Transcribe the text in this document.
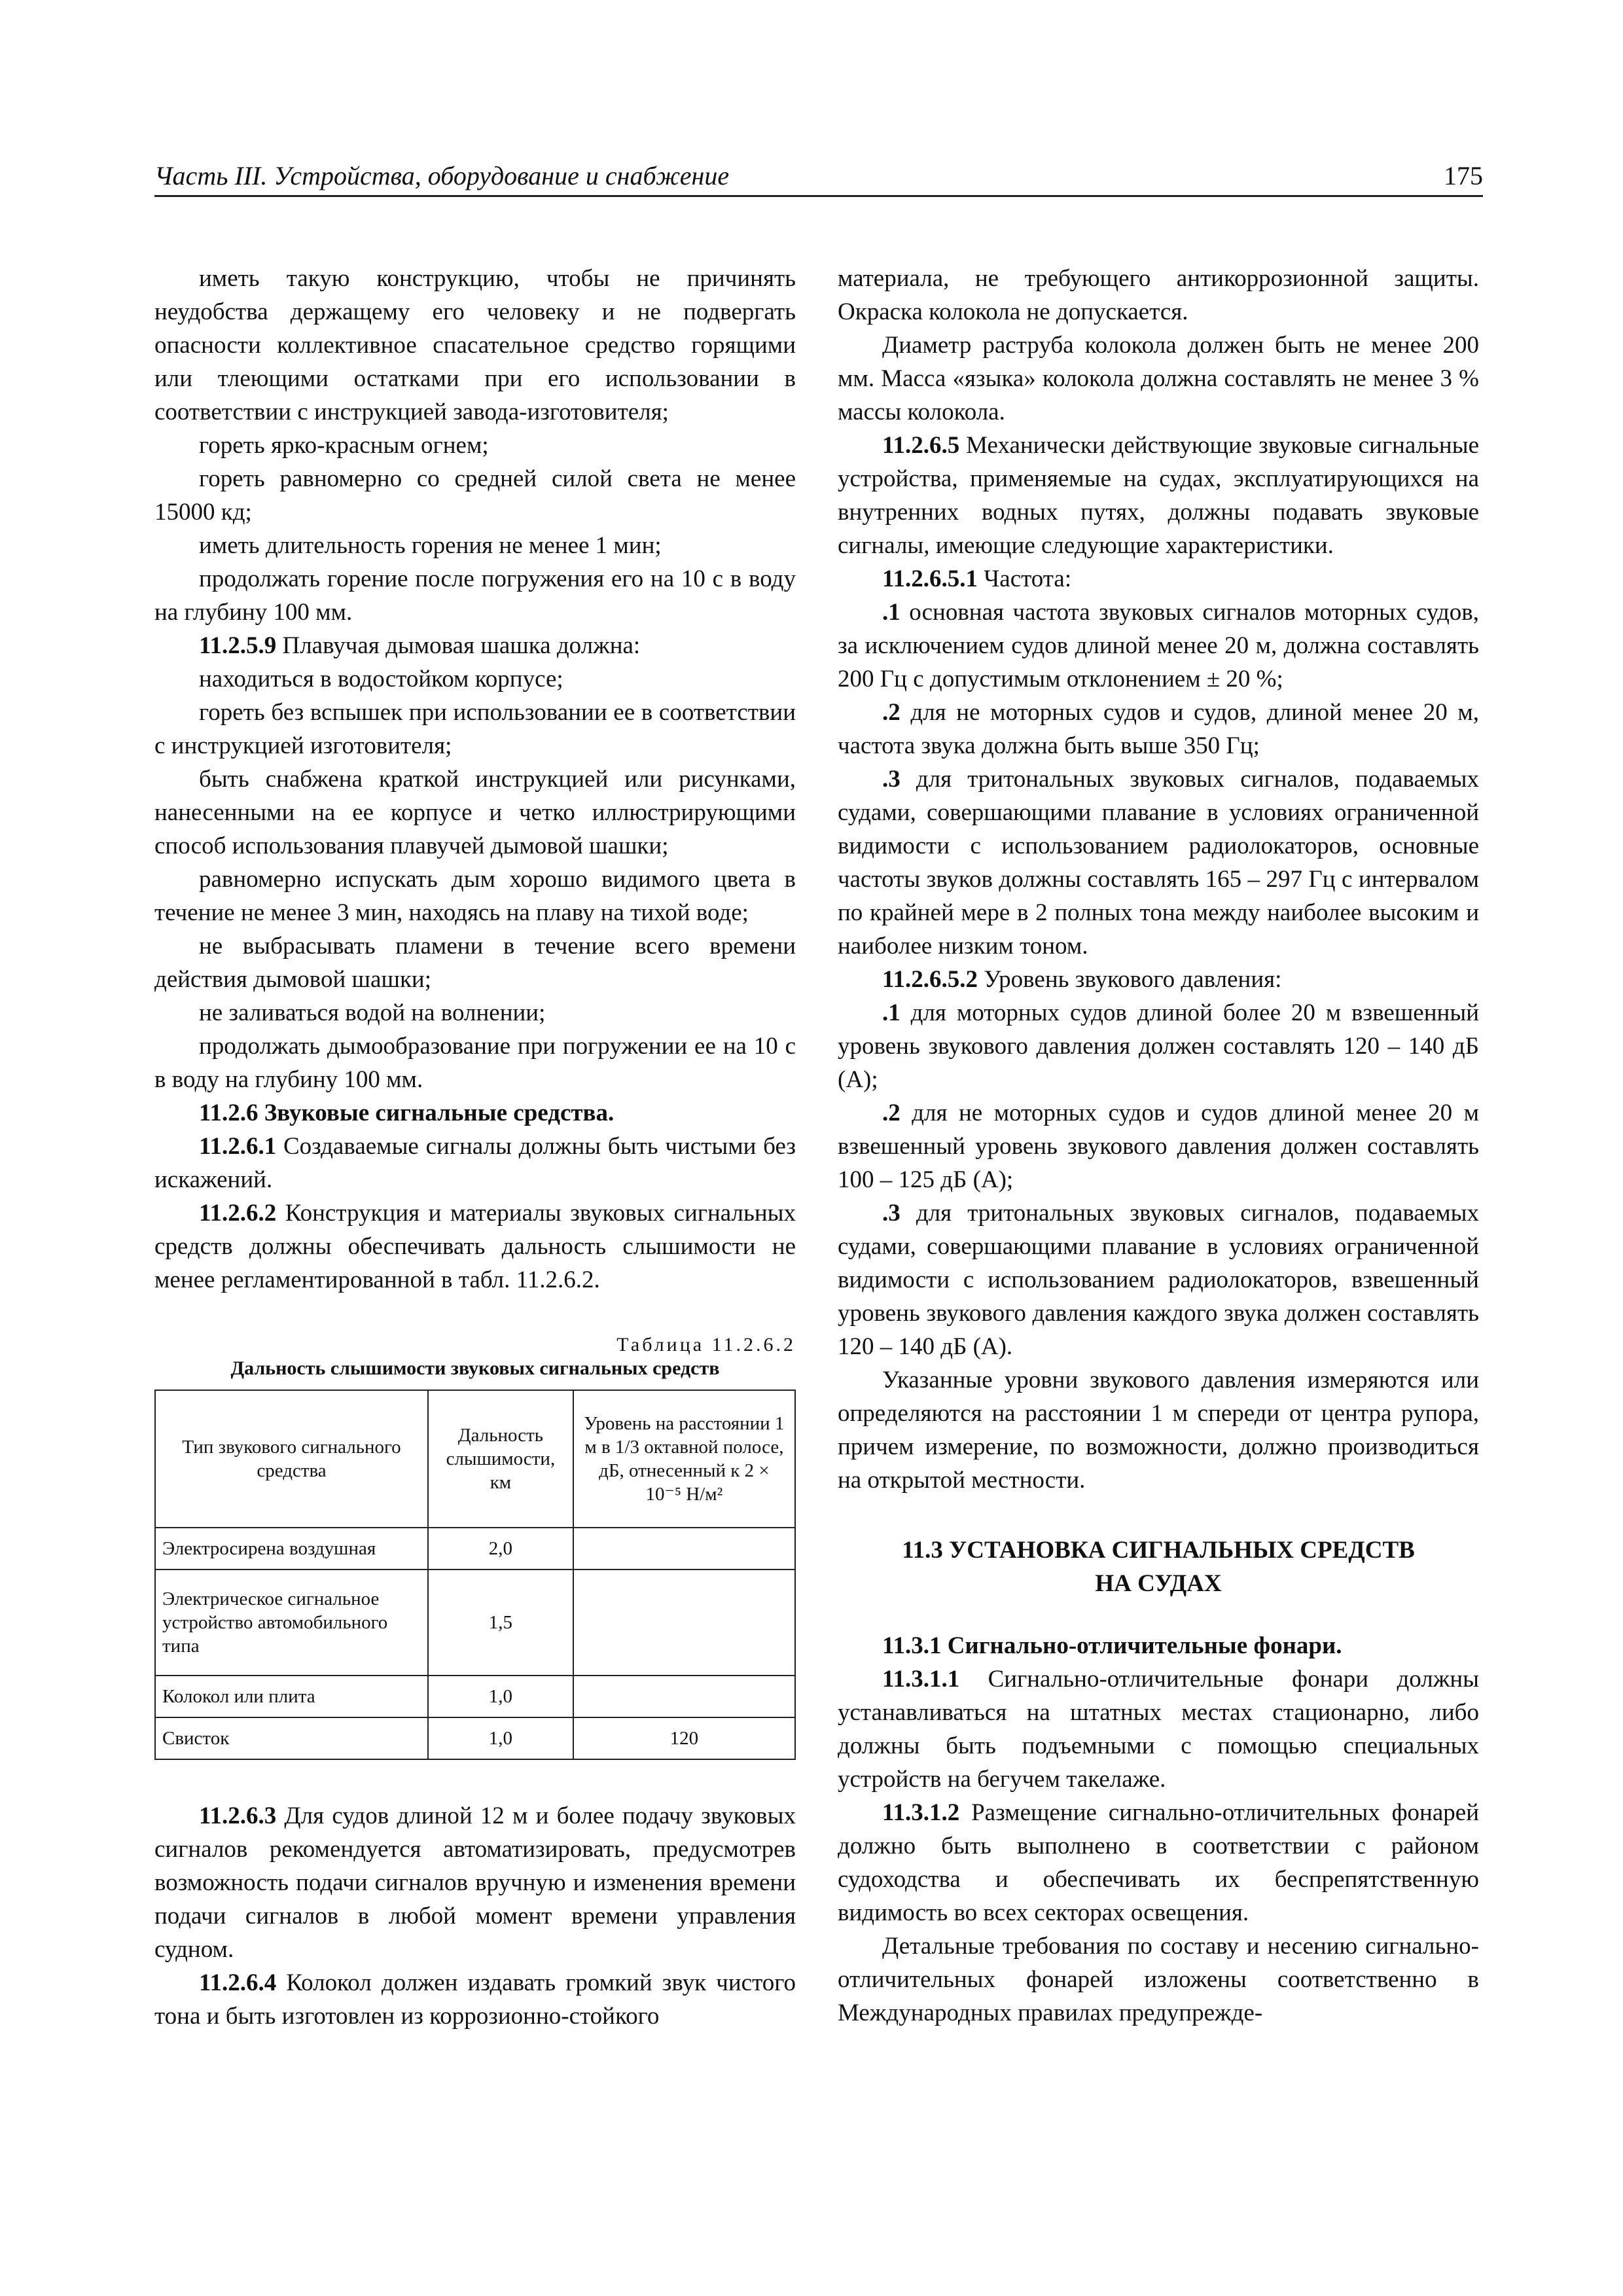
Часть III. Устройства, оборудование и снабжение	175

иметь такую конструкцию, чтобы не причинять неудобства держащему его человеку и не подвергать опасности коллективное спасательное средство горящими или тлеющими остатками при его использовании в соответствии с инструкцией завода-изготовителя;

гореть ярко-красным огнем;

гореть равномерно со средней силой света не менее 15000 кд;

иметь длительность горения не менее 1 мин;

продолжать горение после погружения его на 10 с в воду на глубину 100 мм.

11.2.5.9 Плавучая дымовая шашка должна:

находиться в водостойком корпусе;

гореть без вспышек при использовании ее в соответствии с инструкцией изготовителя;

быть снабжена краткой инструкцией или рисунками, нанесенными на ее корпусе и четко иллюстрирующими способ использования плавучей дымовой шашки;

равномерно испускать дым хорошо видимого цвета в течение не менее 3 мин, находясь на плаву на тихой воде;

не выбрасывать пламени в течение всего времени действия дымовой шашки;

не заливаться водой на волнении;

продолжать дымообразование при погружении ее на 10 с в воду на глубину 100 мм.

11.2.6 Звуковые сигнальные средства.

11.2.6.1 Создаваемые сигналы должны быть чистыми без искажений.

11.2.6.2 Конструкция и материалы звуковых сигнальных средств должны обеспечивать дальность слышимости не менее регламентированной в табл. 11.2.6.2.

Таблица 11.2.6.2
Дальность слышимости звуковых сигнальных средств
Тип звукового сигнального средства	Дальность слышимости, км	Уровень на расстоянии 1 м в 1/3 октавной полосе, дБ, отнесенный к 2 × 10⁻⁵ Н/м²
Электросирена воздушная	2,0	
Электрическое сигнальное устройство автомобильного типа	1,5	
Колокол или плита	1,0	
Свисток	1,0	120

11.2.6.3 Для судов длиной 12 м и более подачу звуковых сигналов рекомендуется автоматизировать, предусмотрев возможность подачи сигналов вручную и изменения времени подачи сигналов в любой момент времени управления судном.

11.2.6.4 Колокол должен издавать громкий звук чистого тона и быть изготовлен из коррозионно-стойкого

материала, не требующего антикоррозионной защиты. Окраска колокола не допускается.

Диаметр раструба колокола должен быть не менее 200 мм. Масса «языка» колокола должна составлять не менее 3 % массы колокола.

11.2.6.5 Механически действующие звуковые сигнальные устройства, применяемые на судах, эксплуатирующихся на внутренних водных путях, должны подавать звуковые сигналы, имеющие следующие характеристики.

11.2.6.5.1 Частота:

.1 основная частота звуковых сигналов моторных судов, за исключением судов длиной менее 20 м, должна составлять 200 Гц с допустимым отклонением ± 20 %;

.2 для не моторных судов и судов, длиной менее 20 м, частота звука должна быть выше 350 Гц;

.3 для тритональных звуковых сигналов, подаваемых судами, совершающими плавание в условиях ограниченной видимости с использованием радиолокаторов, основные частоты звуков должны составлять 165 – 297 Гц с интервалом по крайней мере в 2 полных тона между наиболее высоким и наиболее низким тоном.

11.2.6.5.2 Уровень звукового давления:

.1 для моторных судов длиной более 20 м взвешенный уровень звукового давления должен составлять 120 – 140 дБ (А);

.2 для не моторных судов и судов длиной менее 20 м взвешенный уровень звукового давления должен составлять 100 – 125 дБ (А);

.3 для тритональных звуковых сигналов, подаваемых судами, совершающими плавание в условиях ограниченной видимости с использованием радиолокаторов, взвешенный уровень звукового давления каждого звука должен составлять 120 – 140 дБ (А).

Указанные уровни звукового давления измеряются или определяются на расстоянии 1 м спереди от центра рупора, причем измерение, по возможности, должно производиться на открытой местности.

11.3 УСТАНОВКА СИГНАЛЬНЫХ СРЕДСТВ
НА СУДАХ

11.3.1 Сигнально-отличительные фонари.

11.3.1.1 Сигнально-отличительные фонари должны устанавливаться на штатных местах стационарно, либо должны быть подъемными с помощью специальных устройств на бегучем такелаже.

11.3.1.2 Размещение сигнально-отличительных фонарей должно быть выполнено в соответствии с районом судоходства и обеспечивать их беспрепятственную видимость во всех секторах освещения.

Детальные требования по составу и несению сигнально-отличительных фонарей изложены соответственно в Международных правилах предупрежде-
